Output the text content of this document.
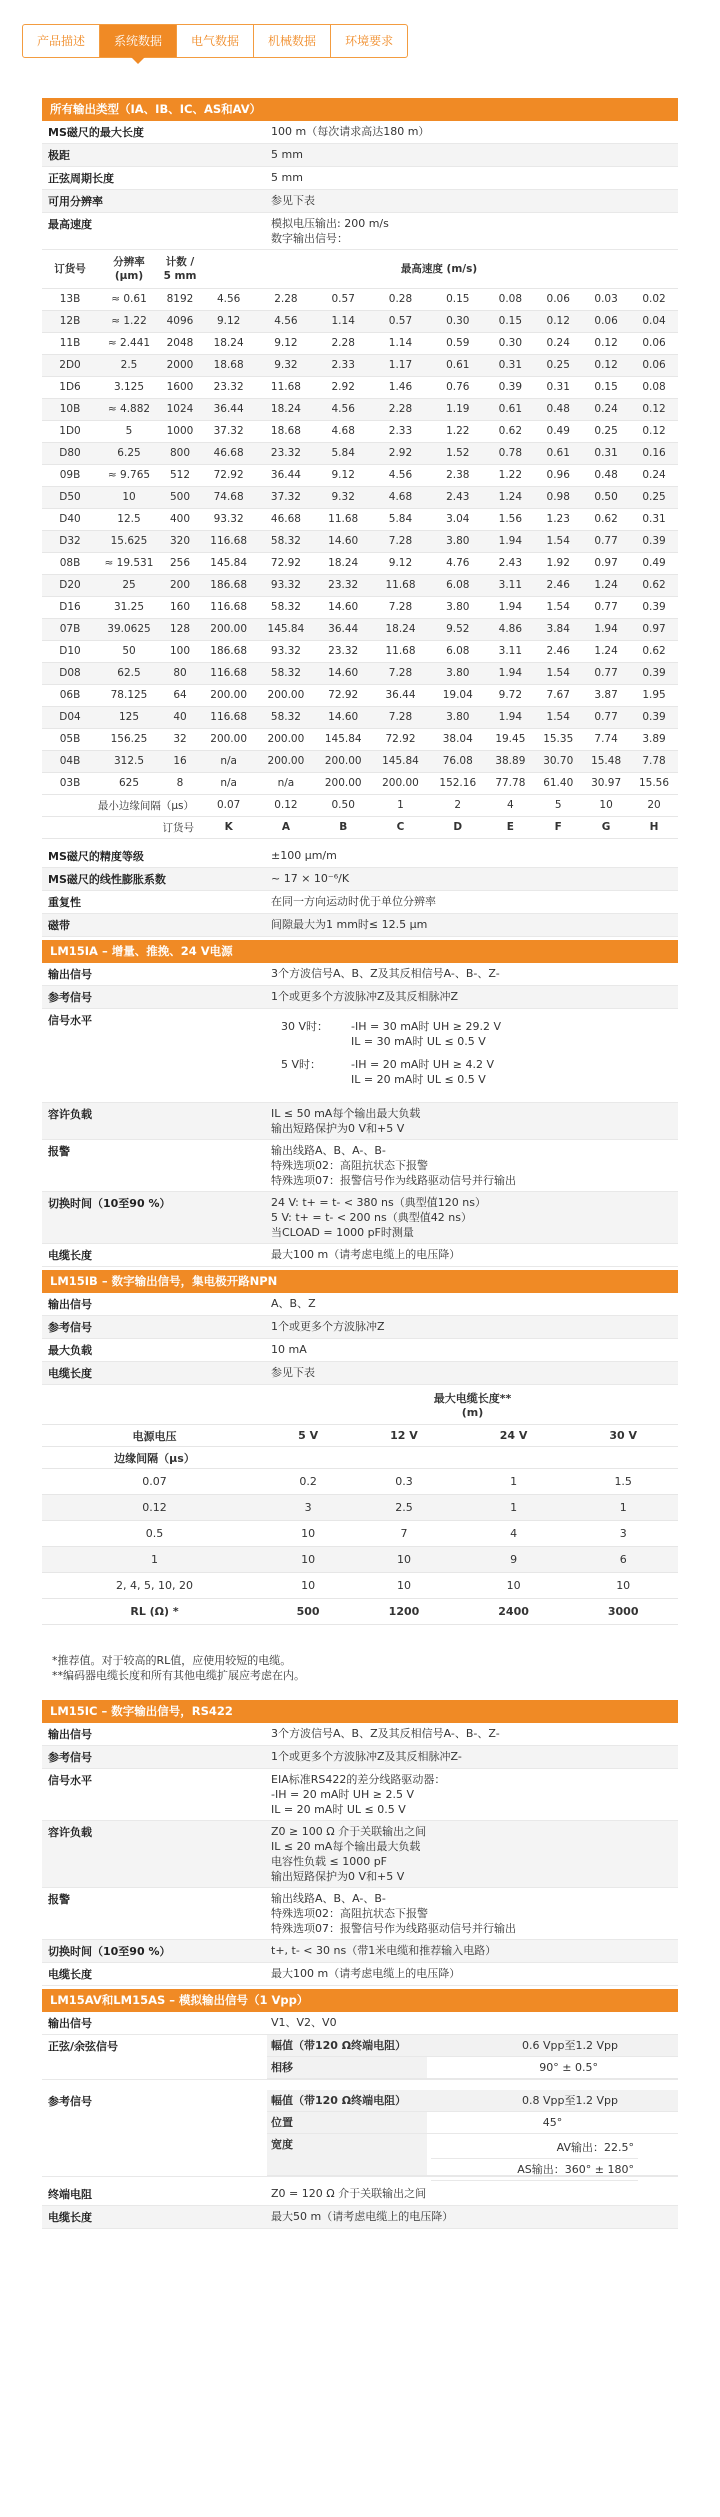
产品描述	系统数据	电气数据	机械数据	环境要求
所有输出类型（IA、IB、IC、AS和AV）
MS磁尺的最大长度	100 m（每次请求高达180 m）
极距	5 mm
正弦周期长度	5 mm
可用分辨率	参见下表
最高速度	模拟电压输出: 200 m/s
数字输出信号：
订货号	分辨率 (μm)	计数 / 5 mm	最高速度 (m/s)								
13B	≈ 0.61	8192	4.56	2.28	0.57	0.28	0.15	0.08	0.06	0.03	0.02
12B	≈ 1.22	4096	9.12	4.56	1.14	0.57	0.30	0.15	0.12	0.06	0.04
11B	≈ 2.441	2048	18.24	9.12	2.28	1.14	0.59	0.30	0.24	0.12	0.06
2D0	2.5	2000	18.68	9.32	2.33	1.17	0.61	0.31	0.25	0.12	0.06
1D6	3.125	1600	23.32	11.68	2.92	1.46	0.76	0.39	0.31	0.15	0.08
10B	≈ 4.882	1024	36.44	18.24	4.56	2.28	1.19	0.61	0.48	0.24	0.12
1D0	5	1000	37.32	18.68	4.68	2.33	1.22	0.62	0.49	0.25	0.12
D80	6.25	800	46.68	23.32	5.84	2.92	1.52	0.78	0.61	0.31	0.16
09B	≈ 9.765	512	72.92	36.44	9.12	4.56	2.38	1.22	0.96	0.48	0.24
D50	10	500	74.68	37.32	9.32	4.68	2.43	1.24	0.98	0.50	0.25
D40	12.5	400	93.32	46.68	11.68	5.84	3.04	1.56	1.23	0.62	0.31
D32	15.625	320	116.68	58.32	14.60	7.28	3.80	1.94	1.54	0.77	0.39
08B	≈ 19.531	256	145.84	72.92	18.24	9.12	4.76	2.43	1.92	0.97	0.49
D20	25	200	186.68	93.32	23.32	11.68	6.08	3.11	2.46	1.24	0.62
D16	31.25	160	116.68	58.32	14.60	7.28	3.80	1.94	1.54	0.77	0.39
07B	39.0625	128	200.00	145.84	36.44	18.24	9.52	4.86	3.84	1.94	0.97
D10	50	100	186.68	93.32	23.32	11.68	6.08	3.11	2.46	1.24	0.62
D08	62.5	80	116.68	58.32	14.60	7.28	3.80	1.94	1.54	0.77	0.39
06B	78.125	64	200.00	200.00	72.92	36.44	19.04	9.72	7.67	3.87	1.95
D04	125	40	116.68	58.32	14.60	7.28	3.80	1.94	1.54	0.77	0.39
05B	156.25	32	200.00	200.00	145.84	72.92	38.04	19.45	15.35	7.74	3.89
04B	312.5	16	n/a	200.00	200.00	145.84	76.08	38.89	30.70	15.48	7.78
03B	625	8	n/a	n/a	200.00	200.00	152.16	77.78	61.40	30.97	15.56
最小边缘间隔（μs）			0.07	0.12	0.50	1	2	4	5	10	20
订货号			K	A	B	C	D	E	F	G	H
MS磁尺的精度等级	±100 μm/m
MS磁尺的线性膨胀系数	~ 17 × 10⁻⁶/K
重复性	在同一方向运动时优于单位分辨率
磁带	间隙最大为1 mm时≤ 12.5 μm
LM15IA – 增量、推挽、24 V电源
输出信号	3个方波信号A、B、Z及其反相信号A-、B-、Z-
参考信号	1个或更多个方波脉冲Z及其反相脉冲Z
信号水平	30 V时：	-IH = 30 mA时 UH ≥ 29.2 V
IL = 30 mA时 UL ≤ 0.5 V
5 V时：	-IH = 20 mA时 UH ≥ 4.2 V
IL = 20 mA时 UL ≤ 0.5 V
容许负载	IL ≤ 50 mA每个输出最大负载
输出短路保护为0 V和+5 V
报警	输出线路A、B、A-、B-
特殊选项02：高阻抗状态下报警
特殊选项07：报警信号作为线路驱动信号并行输出
切换时间（10至90 %）	24 V: t+ = t- < 380 ns（典型值120 ns）
5 V: t+ = t- < 200 ns（典型值42 ns）
当CLOAD = 1000 pF时测量
电缆长度	最大100 m（请考虑电缆上的电压降）
LM15IB – 数字输出信号，集电极开路NPN
输出信号	A、B、Z
参考信号	1个或更多个方波脉冲Z
最大负载	10 mA
电缆长度	参见下表

	最大电缆长度**
(m)			

电源电压	5 V	12 V	24 V	30 V
边缘间隔（μs）				
0.07	0.2	0.3	1	1.5
0.12	3	2.5	1	1
0.5	10	7	4	3
1	10	10	9	6
2, 4, 5, 10, 20	10	10	10	10
RL (Ω) *	500	1200	2400	3000
*推荐值。对于较高的RL值，应使用较短的电缆。
**编码器电缆长度和所有其他电缆扩展应考虑在内。
LM15IC – 数字输出信号，RS422
输出信号	3个方波信号A、B、Z及其反相信号A-、B-、Z-
参考信号	1个或更多个方波脉冲Z及其反相脉冲Z-
信号水平	EIA标准RS422的差分线路驱动器：
-IH = 20 mA时 UH ≥ 2.5 V
IL = 20 mA时 UL ≤ 0.5 V
容许负载	Z0 ≥ 100 Ω 介于关联输出之间
IL ≤ 20 mA每个输出最大负载
电容性负载 ≤ 1000 pF
输出短路保护为0 V和+5 V
报警	输出线路A、B、A-、B-
特殊选项02：高阻抗状态下报警
特殊选项07：报警信号作为线路驱动信号并行输出
切换时间（10至90 %）	t+, t- < 30 ns（带1米电缆和推荐输入电路）
电缆长度	最大100 m（请考虑电缆上的电压降）
LM15AV和LM15AS – 模拟输出信号（1 Vpp）
输出信号	V1、V2、V0
正弦/余弦信号	幅值（带120 Ω终端电阻）	0.6 Vpp至1.2 Vpp
相移	90° ± 0.5°
参考信号	幅值（带120 Ω终端电阻）	0.8 Vpp至1.2 Vpp
位置	45°
宽度	AV输出：22.5°
AS输出：360° ± 180°
终端电阻	Z0 = 120 Ω 介于关联输出之间
电缆长度	最大50 m（请考虑电缆上的电压降）
